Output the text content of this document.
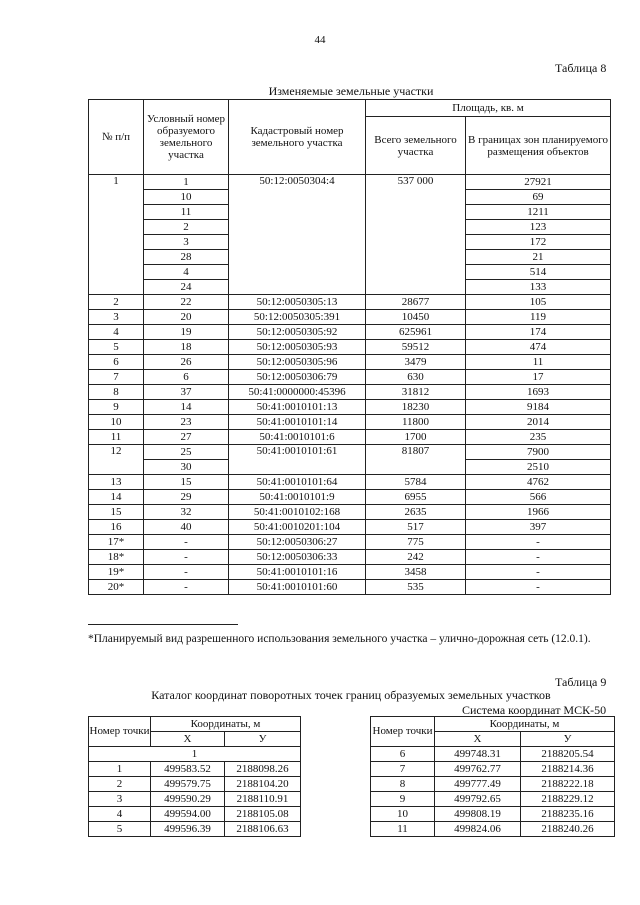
44
Таблица 8
Изменяемые земельные участки
№ п/п	Условный номер образуемого земельного участка	Кадастровый номер земельного участка	Площадь, кв. м	
			Всего земельного участка	В границах зон планируемого размещения объектов
1	1	50:12:0050304:4	537 000	27921
	10			69
	11			1211
	2			123
	3			172
	28			21
	4			514
	24			133
2	22	50:12:0050305:13	28677	105
3	20	50:12:0050305:391	10450	119
4	19	50:12:0050305:92	625961	174
5	18	50:12:0050305:93	59512	474
6	26	50:12:0050305:96	3479	11
7	6	50:12:0050306:79	630	17
8	37	50:41:0000000:45396	31812	1693
9	14	50:41:0010101:13	18230	9184
10	23	50:41:0010101:14	11800	2014
11	27	50:41:0010101:6	1700	235
12	25	50:41:0010101:61	81807	7900
	30			2510
13	15	50:41:0010101:64	5784	4762
14	29	50:41:0010101:9	6955	566
15	32	50:41:0010102:168	2635	1966
16	40	50:41:0010201:104	517	397
17*	-	50:12:0050306:27	775	-
18*	-	50:12:0050306:33	242	-
19*	-	50:41:0010101:16	3458	-
20*	-	50:41:0010101:60	535	-
*Планируемый вид разрешенного использования земельного участка – улично-дорожная сеть (12.0.1).
Таблица 9
Каталог координат поворотных точек границ образуемых земельных участков
Система координат МСК-50
Номер точки	Координаты, м	
	X	У
1		
1	499583.52	2188098.26
2	499579.75	2188104.20
3	499590.29	2188110.91
4	499594.00	2188105.08
5	499596.39	2188106.63
Номер точки	Координаты, м	
	X	У
6	499748.31	2188205.54
7	499762.77	2188214.36
8	499777.49	2188222.18
9	499792.65	2188229.12
10	499808.19	2188235.16
11	499824.06	2188240.26
